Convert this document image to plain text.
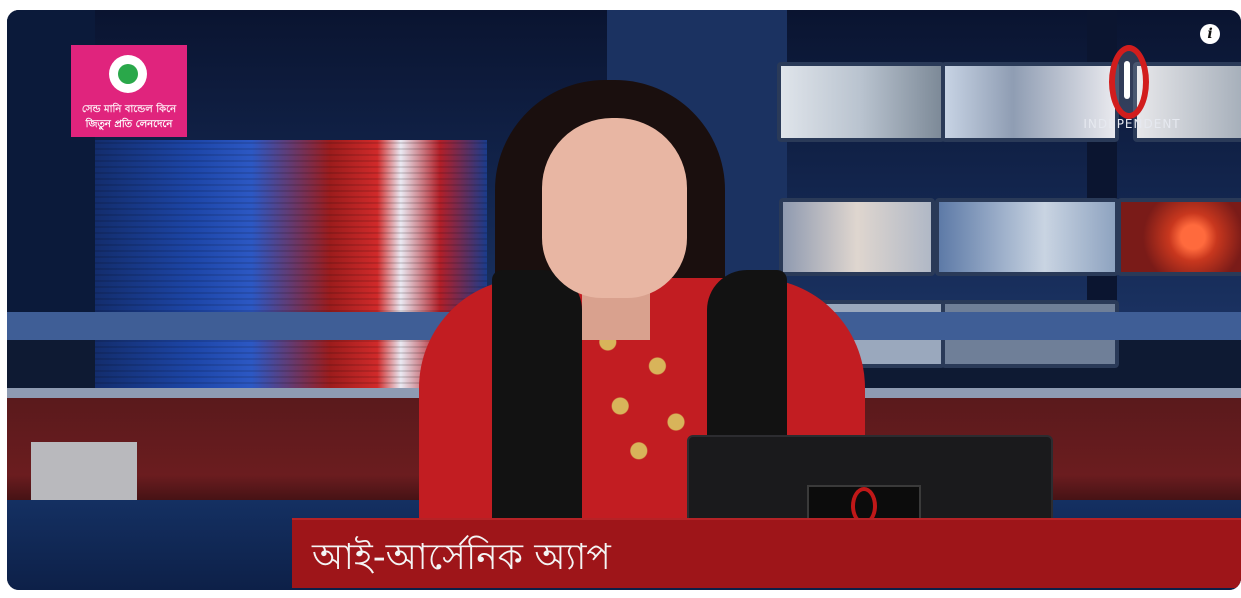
সেন্ড মানি বান্ডেল কিনে
জিতুন প্রতি লেনদেনে	INDEPENDENT
i
আই-আর্সেনিক অ্যাপ
